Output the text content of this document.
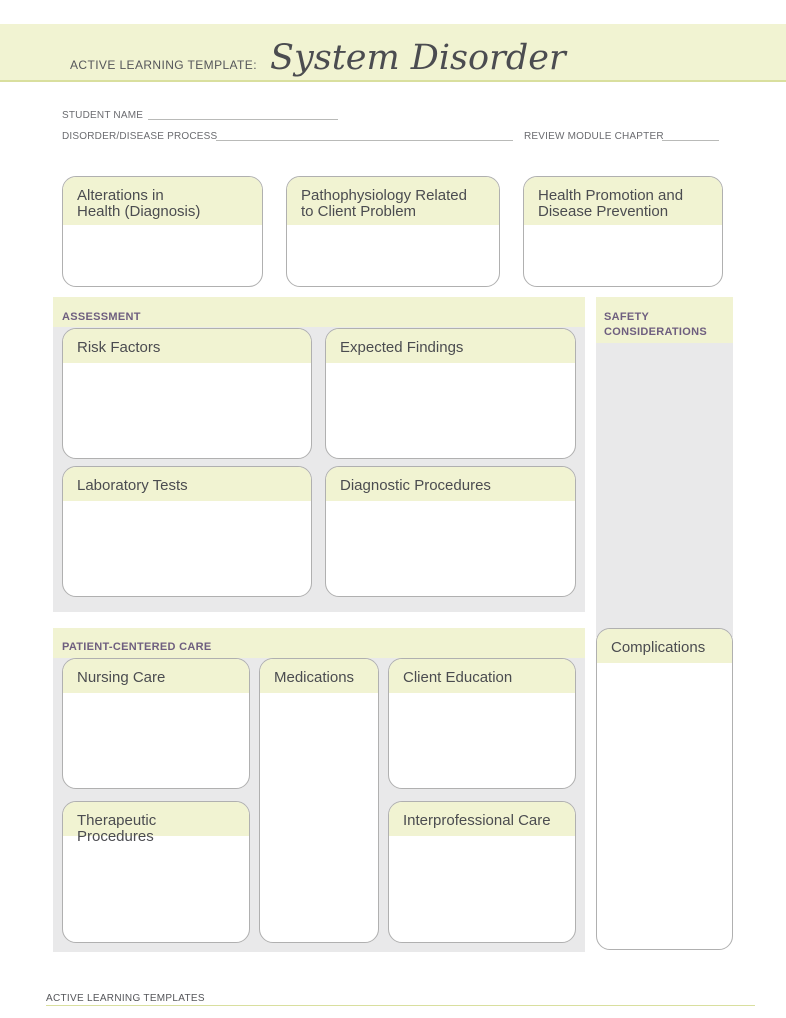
ACTIVE LEARNING TEMPLATE: System Disorder
STUDENT NAME
DISORDER/DISEASE PROCESS	REVIEW MODULE CHAPTER
Alterations in
Health (Diagnosis)
Pathophysiology Related
to Client Problem
Health Promotion and
Disease Prevention
ASSESSMENT
Risk Factors	Expected Findings
Laboratory Tests	Diagnostic Procedures
SAFETY
CONSIDERATIONS
PATIENT-CENTERED CARE
Nursing Care	Medications	Client Education
Therapeutic Procedures
Interprofessional Care
Complications
ACTIVE LEARNING TEMPLATES
